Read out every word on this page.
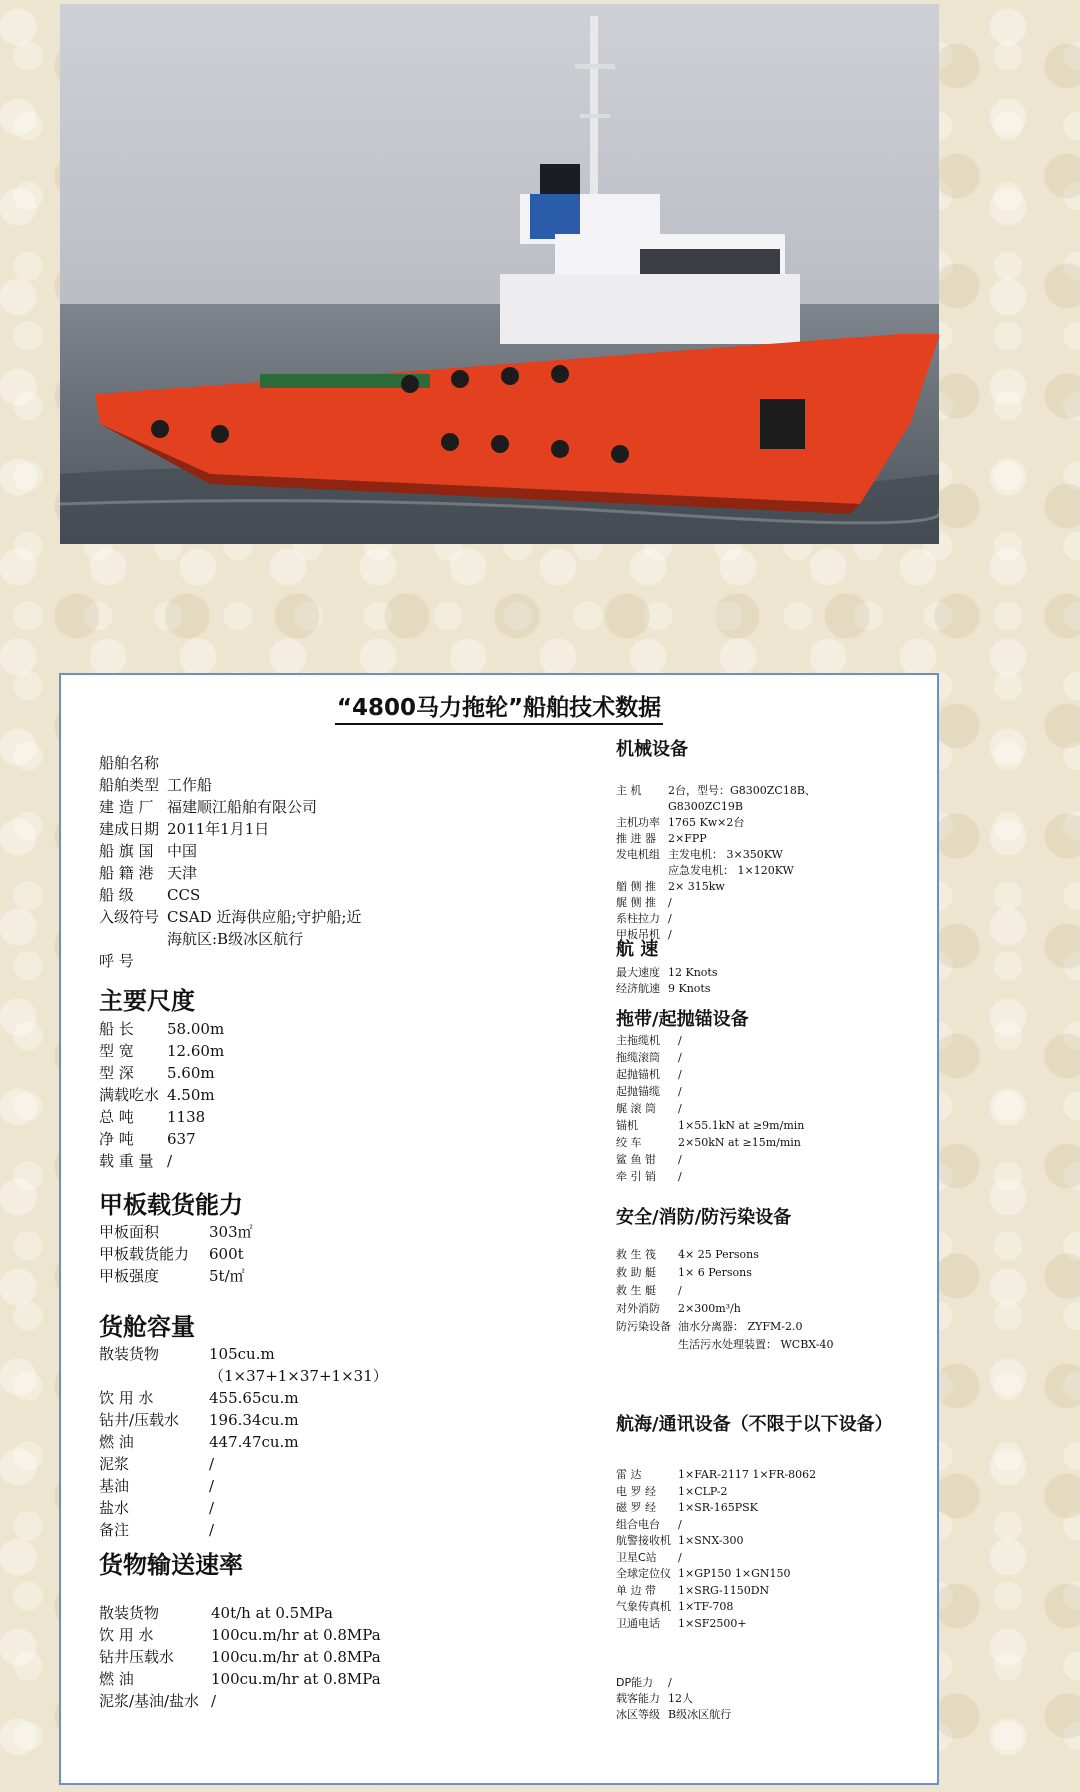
“4800马力拖轮”船舶技术数据
船舶名称
船舶类型 工作船
建 造 厂 福建顺江船舶有限公司
建成日期 2011年1月1日
船 旗 国 中国
船 籍 港 天津
船 级 CCS
入级符号 CSAD 近海供应船;守护船;近
海航区:B级冰区航行
呼 号
主要尺度
船 长 58.00m
型 宽 12.60m
型 深 5.60m
满载吃水 4.50m
总 吨 1138
净 吨 637
载 重 量 /
甲板载货能力
甲板面积	303㎡
甲板载货能力 600t
甲板强度	5t/㎡
货舱容量
散装货物	105cu.m
（1×37+1×37+1×31）
饮 用 水	455.65cu.m
钻井/压载水 196.34cu.m
燃 油	447.47cu.m
泥浆	/
基油	/
盐水	/
备注	/
货物输送速率
散装货物	40t/h at 0.5MPa
饮 用 水	100cu.m/hr at 0.8MPa
钻井压载水 100cu.m/hr at 0.8MPa
燃 油	100cu.m/hr at 0.8MPa
泥浆/基油/盐水 /
机械设备
主 机 2台，型号：G8300ZC18B、
G8300ZC19B
主机功率 1765 Kw×2台
推 进 器 2×FPP
发电机组 主发电机： 3×350KW
应急发电机： 1×120KW
艏 侧 推 2× 315kw
艉 侧 推 /
系柱拉力 /
甲板吊机 /
航 速
最大速度 12 Knots
经济航速 9 Knots
拖带/起抛锚设备
主拖缆机 /
拖缆滚筒 /
起抛锚机 /
起抛锚缆 /
艉 滚 筒 /
锚机	1×55.1kN at ≥9m/min
绞 车	2×50kN at ≥15m/min
鲨 鱼 钳 /
牵 引 销 /
安全/消防/防污染设备
救 生 筏 4× 25 Persons
救 助 艇 1× 6 Persons
救 生 艇 /
对外消防 2×300m³/h
防污染设备 油水分离器： ZYFM-2.0
生活污水处理装置： WCBX-40
航海/通讯设备（不限于以下设备）
雷 达	1×FAR-2117 1×FR-8062
电 罗 经 1×CLP-2
磁 罗 经 1×SR-165PSK
组合电台 /
航警接收机 1×SNX-300
卫星C站 /
全球定位仪 1×GP150 1×GN150
单 边 带 1×SRG-1150DN
气象传真机 1×TF-708
卫通电话 1×SF2500+
DP能力 /
载客能力 12人
冰区等级 B级冰区航行
